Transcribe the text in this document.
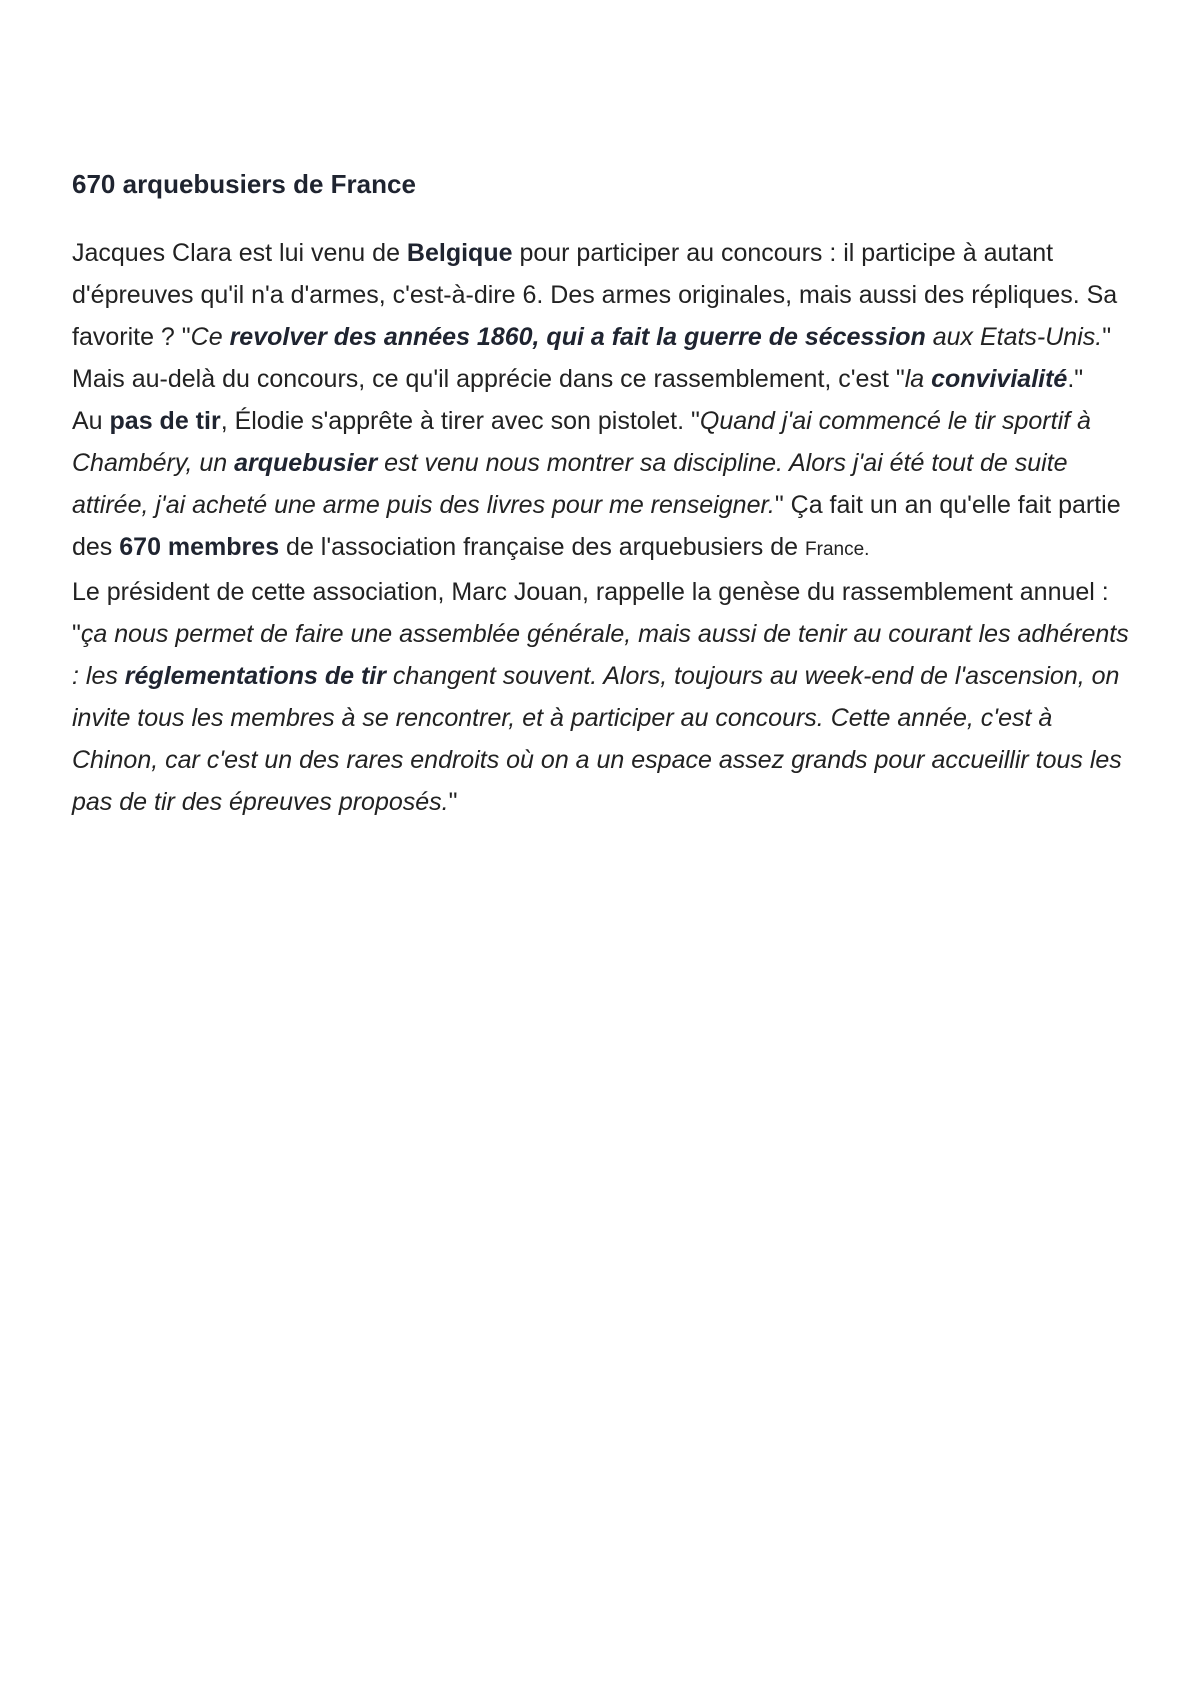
670 arquebusiers de France

Jacques Clara est lui venu de Belgique pour participer au concours : il participe à autant d'épreuves qu'il n'a d'armes, c'est-à-dire 6. Des armes originales, mais aussi des répliques. Sa favorite ? "Ce revolver des années 1860, qui a fait la guerre de sécession aux Etats-Unis." Mais au-delà du concours, ce qu'il apprécie dans ce rassemblement, c'est "la convivialité."

Au pas de tir, Élodie s'apprête à tirer avec son pistolet. "Quand j'ai commencé le tir sportif à Chambéry, un arquebusier est venu nous montrer sa discipline. Alors j'ai été tout de suite attirée, j'ai acheté une arme puis des livres pour me renseigner." Ça fait un an qu'elle fait partie des 670 membres de l'association française des arquebusiers de France.

Le président de cette association, Marc Jouan, rappelle la genèse du rassemblement annuel : "ça nous permet de faire une assemblée générale, mais aussi de tenir au courant les adhérents : les réglementations de tir changent souvent. Alors, toujours au week-end de l'ascension, on invite tous les membres à se rencontrer, et à participer au concours. Cette année, c'est à Chinon, car c'est un des rares endroits où on a un espace assez grands pour accueillir tous les pas de tir des épreuves proposés."
